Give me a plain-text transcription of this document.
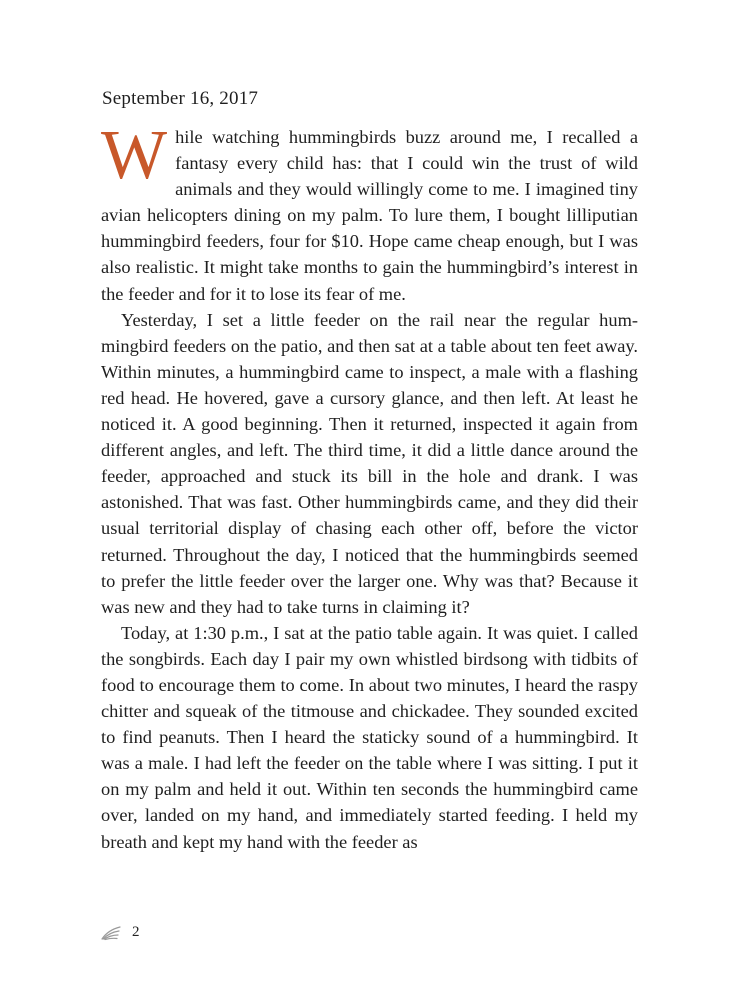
September 16, 2017

While watching hummingbirds buzz around me, I recalled a fantasy every child has: that I could win the trust of wild animals and they would willingly come to me. I imagined tiny avian helicopters dining on my palm. To lure them, I bought lilliputian hummingbird feeders, four for $10. Hope came cheap enough, but I was also realistic. It might take months to gain the hummingbird’s interest in the feeder and for it to lose its fear of me.

Yesterday, I set a little feeder on the rail near the regular hum-mingbird feeders on the patio, and then sat at a table about ten feet away. Within minutes, a hummingbird came to inspect, a male with a flashing red head. He hovered, gave a cursory glance, and then left. At least he noticed it. A good beginning. Then it returned, inspected it again from different angles, and left. The third time, it did a little dance around the feeder, approached and stuck its bill in the hole and drank. I was astonished. That was fast. Other hummingbirds came, and they did their usual territorial display of chasing each other off, before the victor returned. Throughout the day, I noticed that the hummingbirds seemed to prefer the little feeder over the larger one. Why was that? Because it was new and they had to take turns in claiming it?

Today, at 1:30 p.m., I sat at the patio table again. It was quiet. I called the songbirds. Each day I pair my own whistled birdsong with tidbits of food to encourage them to come. In about two minutes, I heard the raspy chitter and squeak of the titmouse and chickadee. They sounded excited to find peanuts. Then I heard the staticky sound of a hummingbird. It was a male. I had left the feeder on the table where I was sitting. I put it on my palm and held it out. Within ten seconds the hummingbird came over, landed on my hand, and immediately started feeding. I held my breath and kept my hand with the feeder as

2
